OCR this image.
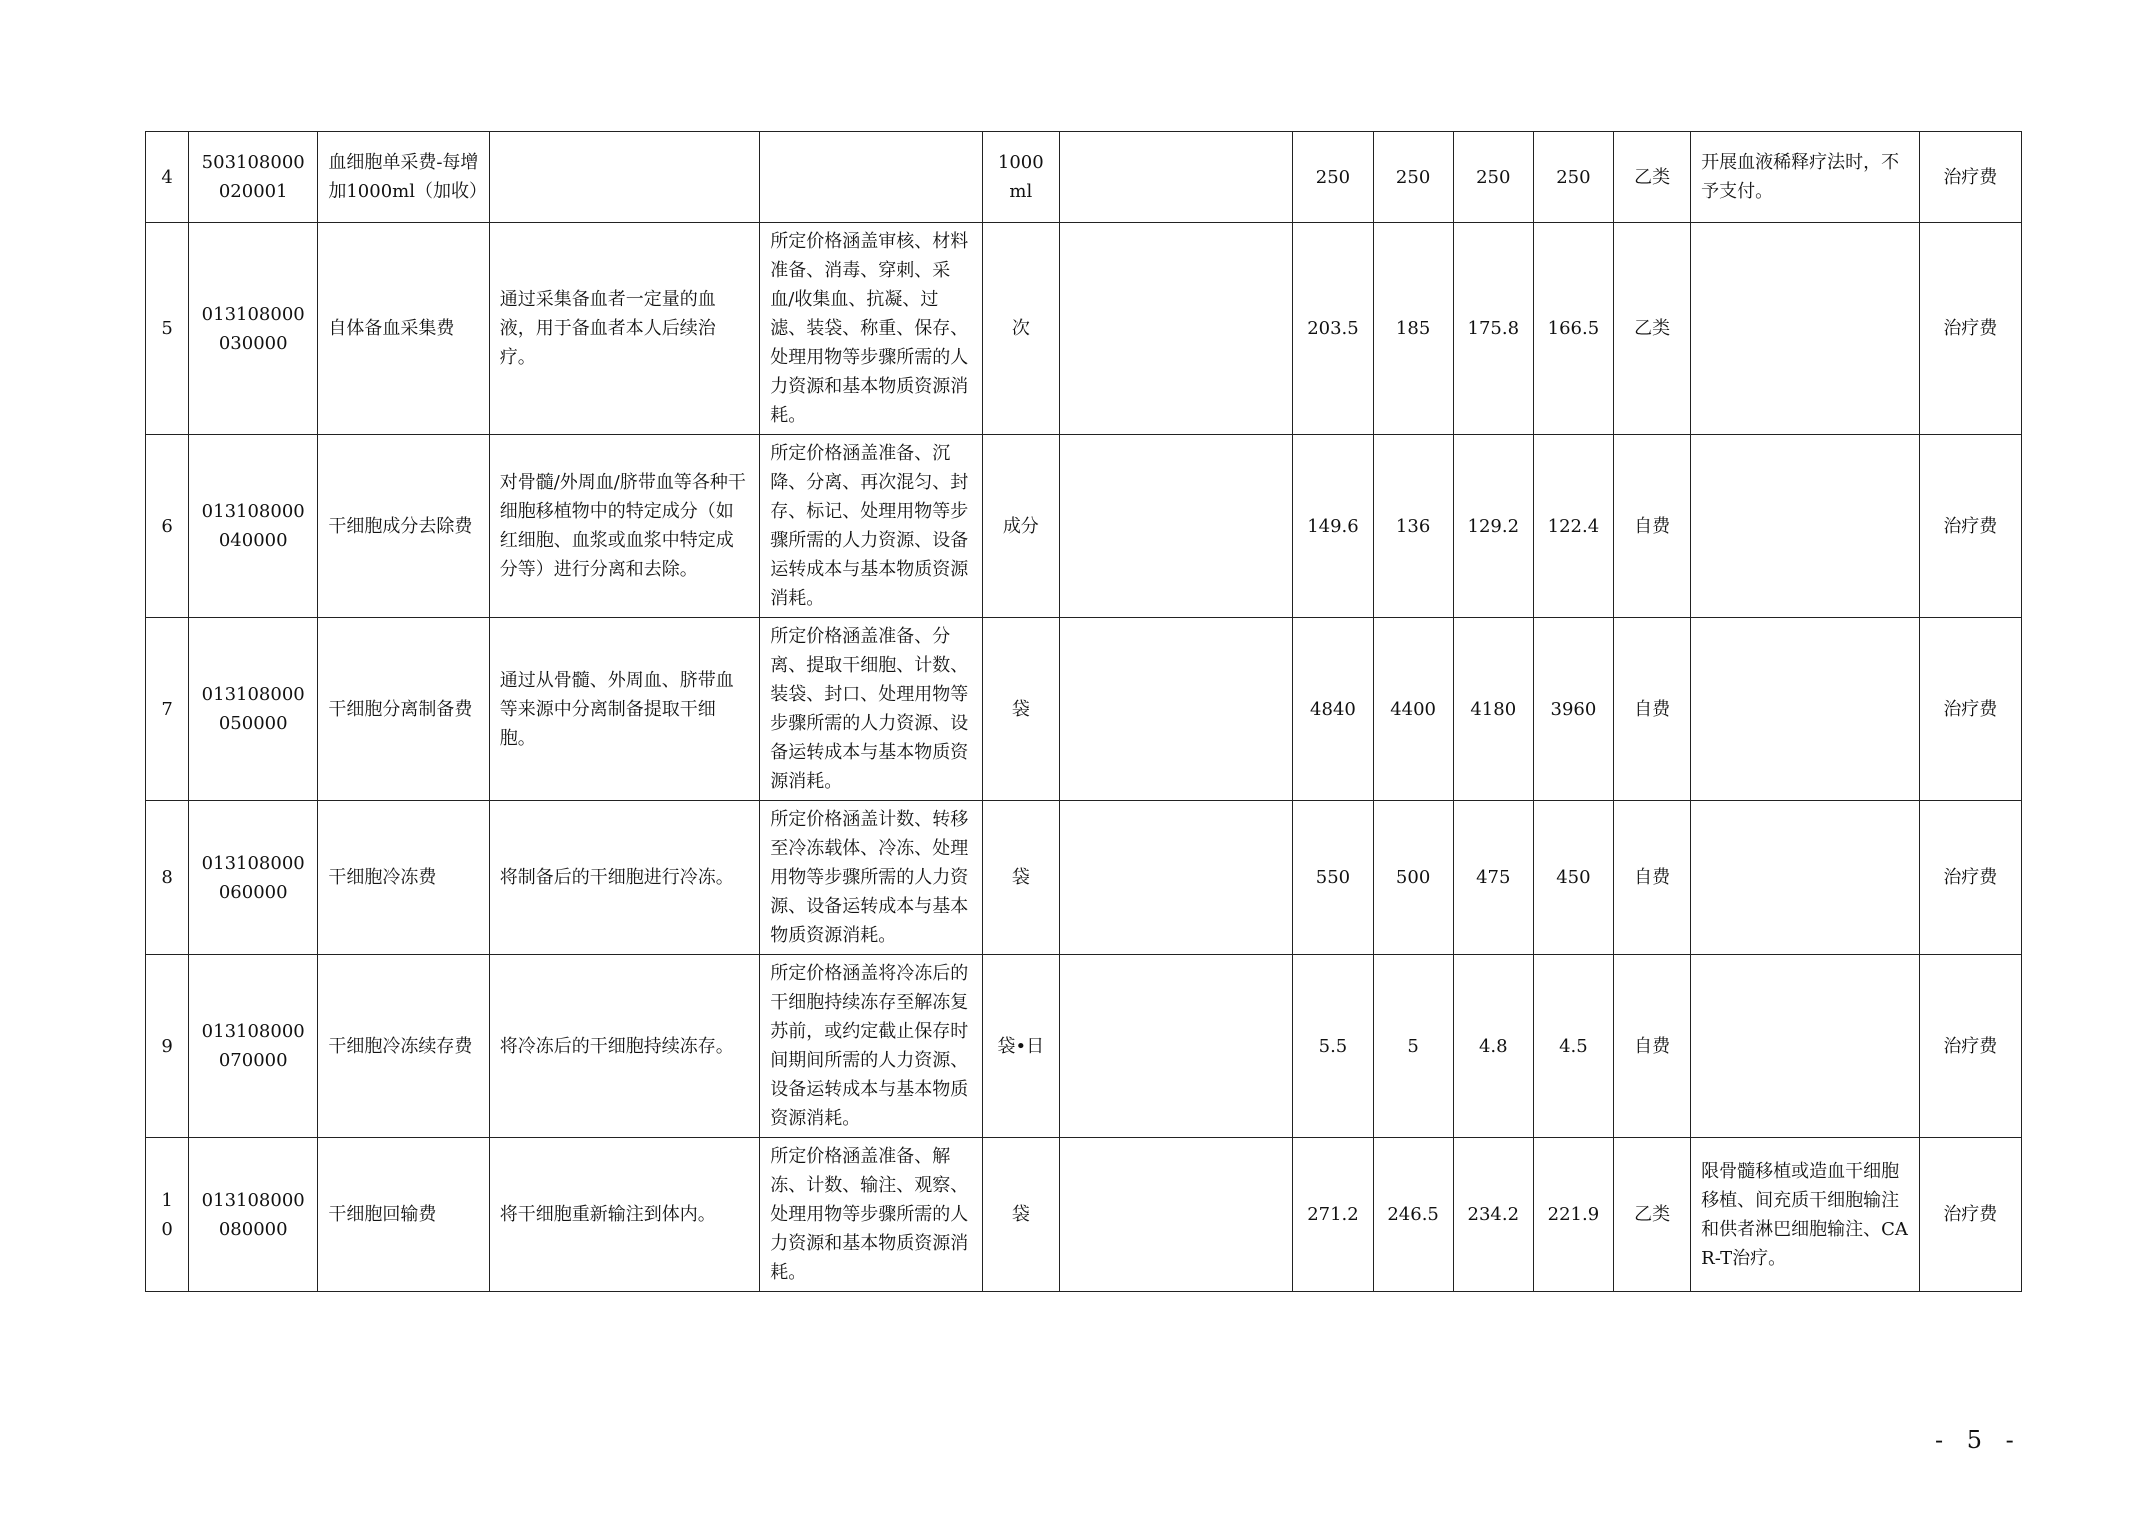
4	503108000020001	血细胞单采费-每增加1000ml（加收）			1000ml		250	250	250	250	乙类	开展血液稀释疗法时，不予支付。	治疗费
5	013108000030000	自体备血采集费	通过采集备血者一定量的血液，用于备血者本人后续治疗。	所定价格涵盖审核、材料准备、消毒、穿刺、采血/收集血、抗凝、过滤、装袋、称重、保存、处理用物等步骤所需的人力资源和基本物质资源消耗。	次		203.5	185	175.8	166.5	乙类		治疗费
6	013108000040000	干细胞成分去除费	对骨髓/外周血/脐带血等各种干细胞移植物中的特定成分（如红细胞、血浆或血浆中特定成分等）进行分离和去除。	所定价格涵盖准备、沉降、分离、再次混匀、封存、标记、处理用物等步骤所需的人力资源、设备运转成本与基本物质资源消耗。	成分		149.6	136	129.2	122.4	自费		治疗费
7	013108000050000	干细胞分离制备费	通过从骨髓、外周血、脐带血等来源中分离制备提取干细胞。	所定价格涵盖准备、分离、提取干细胞、计数、装袋、封口、处理用物等步骤所需的人力资源、设备运转成本与基本物质资源消耗。	袋		4840	4400	4180	3960	自费		治疗费
8	013108000060000	干细胞冷冻费	将制备后的干细胞进行冷冻。	所定价格涵盖计数、转移至冷冻载体、冷冻、处理用物等步骤所需的人力资源、设备运转成本与基本物质资源消耗。	袋		550	500	475	450	自费		治疗费
9	013108000070000	干细胞冷冻续存费	将冷冻后的干细胞持续冻存。	所定价格涵盖将冷冻后的干细胞持续冻存至解冻复苏前，或约定截止保存时间期间所需的人力资源、设备运转成本与基本物质资源消耗。	袋•日		5.5	5	4.8	4.5	自费		治疗费
10	013108000080000	干细胞回输费	将干细胞重新输注到体内。	所定价格涵盖准备、解冻、计数、输注、观察、处理用物等步骤所需的人力资源和基本物质资源消耗。	袋		271.2	246.5	234.2	221.9	乙类	限骨髓移植或造血干细胞移植、间充质干细胞输注和供者淋巴细胞输注、CAR-T治疗。	治疗费
- 5 -
